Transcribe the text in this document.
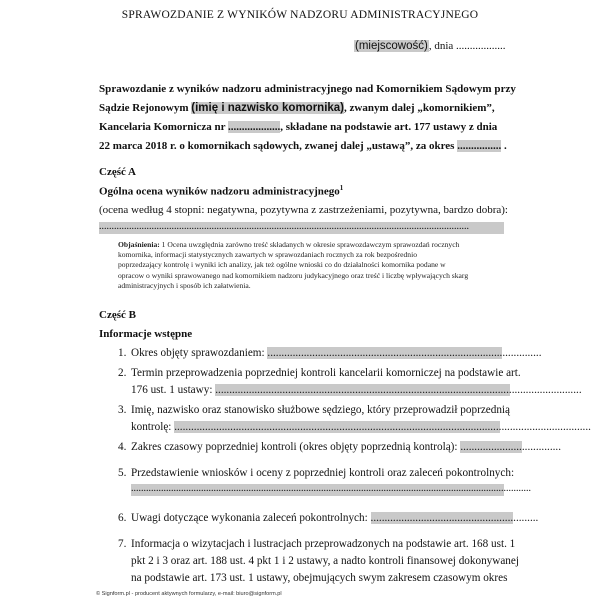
SPRAWOZDANIE Z WYNIKÓW NADZORU ADMINISTRACYJNEGO
(miejscowość), dnia ..................
Sprawozdanie z wyników nadzoru administracyjnego nad Komornikiem Sądowym przy
Sądzie Rejonowym (imię i nazwisko komornika), zwanym dalej „komornikiem”,
Kancelaria Komornicza nr ..................., składane na podstawie art. 177 ustawy z dnia
22 marca 2018 r. o komornikach sądowych, zwanej dalej „ustawą”, za okres ................ .
Część A
Ogólna ocena wyników nadzoru administracyjnego$^1$
(ocena według 4 stopni: negatywna, pozytywna z zastrzeżeniami, pozytywna, bardzo dobra):
....................................................................................................................................................
Objaśnienia: 1 Ocena uwzględnia zarówno treść składanych w okresie sprawozdawczym sprawozdań rocznych
komornika, informacji statystycznych zawartych w sprawozdaniach rocznych za rok bezpośrednio
poprzedzający kontrolę i wyniki ich analizy, jak też ogólne wnioski co do działalności komornika podane w
opracow o wyniki sprawowanego nad komornikiem nadzoru judykacyjnego oraz treść i liczbę wpływających skarg
administracyjnych i sposób ich załatwienia.
Część B
Informacje wstępne
1. Okres objęty sprawozdaniem: ..................................................................................................
2. Termin przeprowadzenia poprzedniej kontroli kancelarii komorniczej na podstawie art.
176 ust. 1 ustawy: ...................................................................................................................................
3. Imię, nazwisko oraz stanowisko służbowe sędziego, który przeprowadził poprzednią
kontrolę: .....................................................................................................................................................
4. Zakres czasowy poprzedniej kontroli (okres objęty poprzednią kontrolą): ....................................
5. Przedstawienie wniosków i oceny z poprzedniej kontroli oraz zaleceń pokontrolnych:
................................................................................................................................................................
6. Uwagi dotyczące wykonania zaleceń pokontrolnych: ............................................................
7. Informacja o wizytacjach i lustracjach przeprowadzonych na podstawie art. 168 ust. 1
pkt 2 i 3 oraz art. 188 ust. 4 pkt 1 i 2 ustawy, a nadto kontroli finansowej dokonywanej
na podstawie art. 173 ust. 1 ustawy, obejmujących swym zakresem czasowym okres
© Signform.pl - producent aktywnych formularzy, e-mail: biuro@signform.pl
